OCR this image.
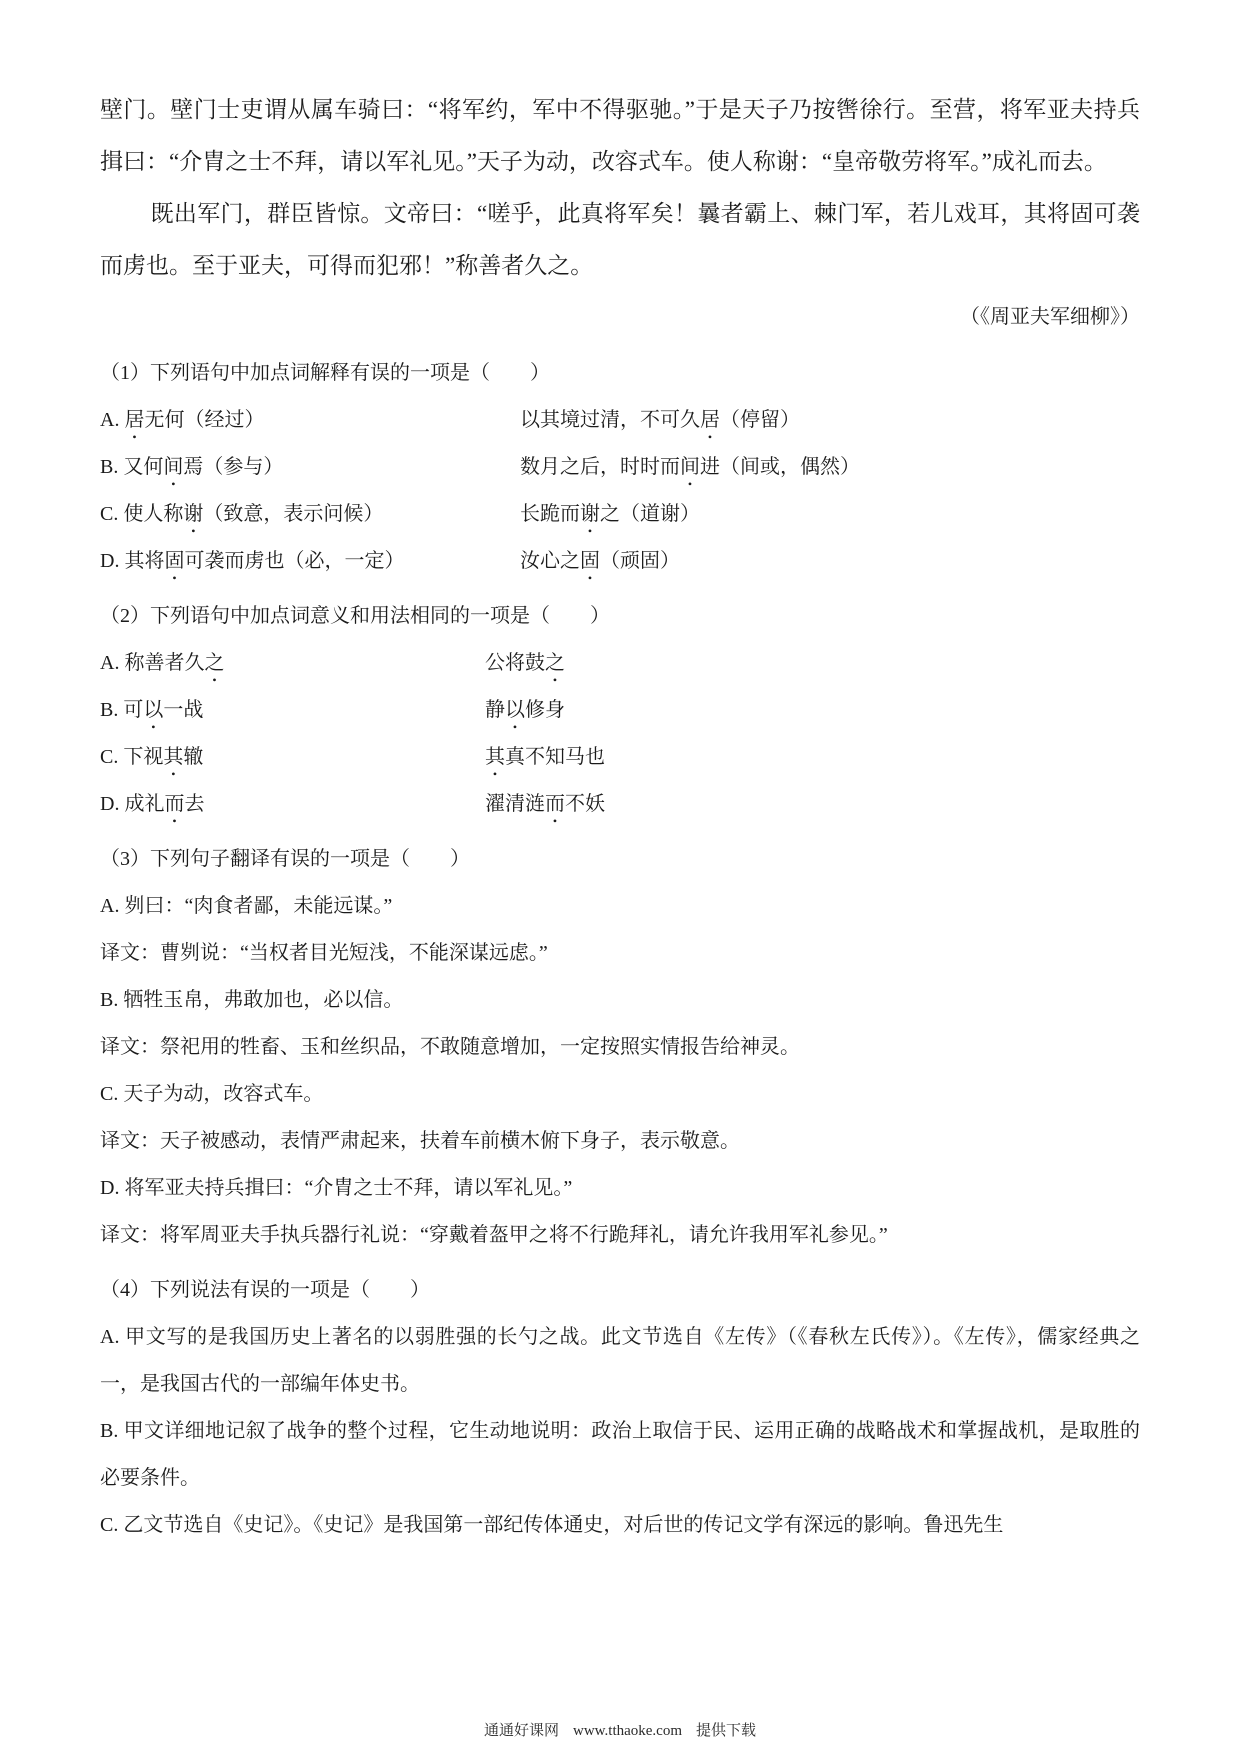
壁门。壁门士吏谓从属车骑曰：“将军约，军中不得驱驰。”于是天子乃按辔徐行。至营，将军亚夫持兵揖曰：“介胄之士不拜，请以军礼见。”天子为动，改容式车。使人称谢：“皇帝敬劳将军。”成礼而去。

既出军门，群臣皆惊。文帝曰：“嗟乎，此真将军矣！曩者霸上、棘门军，若儿戏耳，其将固可袭而虏也。至于亚夫，可得而犯邪！”称善者久之。

（《周亚夫军细柳》）

（1）下列语句中加点词解释有误的一项是（　　）

A. 居无何（经过）	以其境过清，不可久居（停留）
B. 又何间焉（参与）	数月之后，时时而间进（间或，偶然）
C. 使人称谢（致意，表示问候）	长跪而谢之（道谢）
D. 其将固可袭而虏也（必，一定）	汝心之固（顽固）

（2）下列语句中加点词意义和用法相同的一项是（　　）

A. 称善者久之	公将鼓之
B. 可以一战	静以修身
C. 下视其辙	其真不知马也
D. 成礼而去	濯清涟而不妖

（3）下列句子翻译有误的一项是（　　）

A. 刿曰：“肉食者鄙，未能远谋。”

译文：曹刿说：“当权者目光短浅，不能深谋远虑。”

B. 牺牲玉帛，弗敢加也，必以信。

译文：祭祀用的牲畜、玉和丝织品，不敢随意增加，一定按照实情报告给神灵。

C. 天子为动，改容式车。

译文：天子被感动，表情严肃起来，扶着车前横木俯下身子，表示敬意。

D. 将军亚夫持兵揖曰：“介胄之士不拜，请以军礼见。”

译文：将军周亚夫手执兵器行礼说：“穿戴着盔甲之将不行跪拜礼，请允许我用军礼参见。”

（4）下列说法有误的一项是（　　）

A. 甲文写的是我国历史上著名的以弱胜强的长勺之战。此文节选自《左传》（《春秋左氏传》）。《左传》，儒家经典之一，是我国古代的一部编年体史书。

B. 甲文详细地记叙了战争的整个过程，它生动地说明：政治上取信于民、运用正确的战略战术和掌握战机，是取胜的必要条件。

C. 乙文节选自《史记》。《史记》是我国第一部纪传体通史，对后世的传记文学有深远的影响。鲁迅先生

通通好课网 www.tthaoke.com 提供下载
